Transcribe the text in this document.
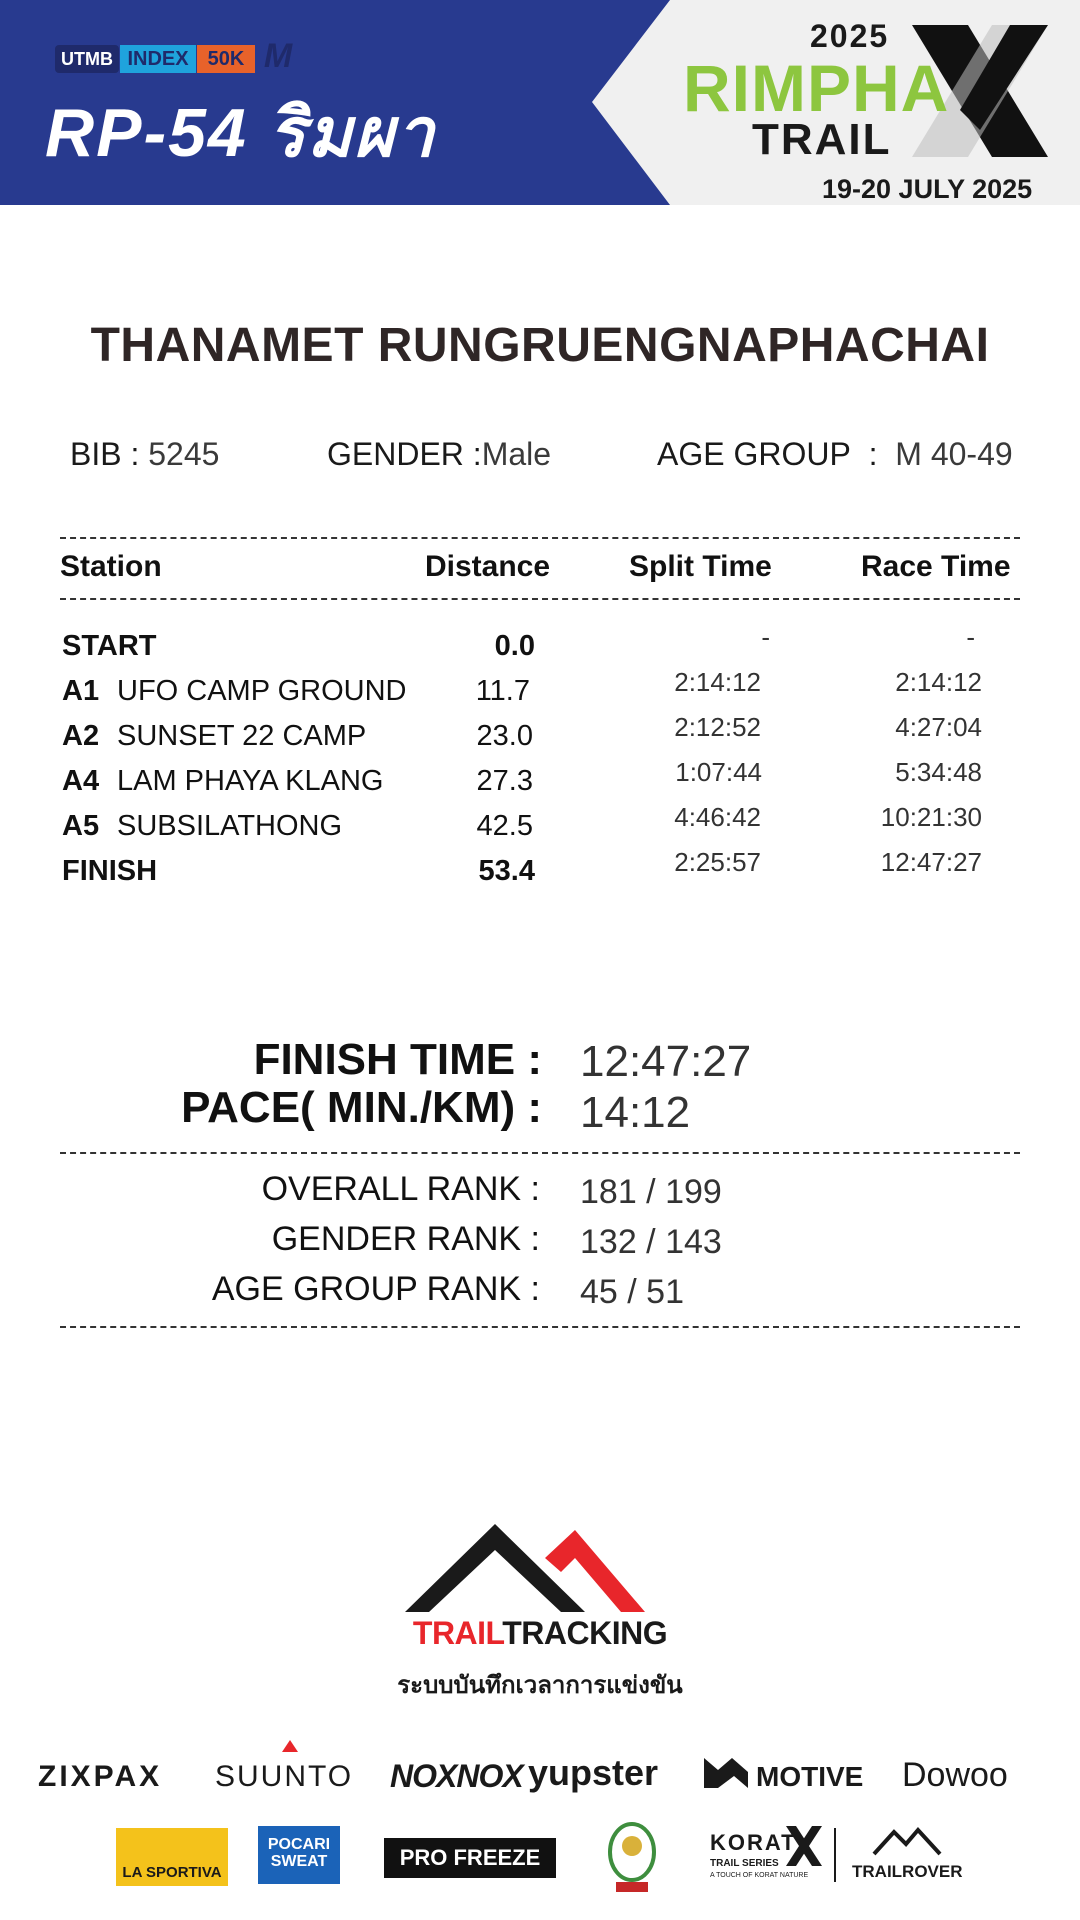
UTMB INDEX 50K M
RP-54 ริมผา
2025
RIMPHA
TRAIL
19-20 JULY 2025
THANAMET RUNGRUENGNAPHACHAI
BIB : 5245	GENDER :Male	AGE GROUP : M 40-49
Station	Distance	Split Time	Race Time
START	0.0	-	-
A1 UFO CAMP GROUND	11.7	2:14:12	2:14:12
A2 SUNSET 22 CAMP	23.0	2:12:52	4:27:04
A4 LAM PHAYA KLANG	27.3	1:07:44	5:34:48
A5 SUBSILATHONG	42.5	4:46:42	10:21:30
FINISH	53.4	2:25:57	12:47:27
FINISH TIME : 12:47:27
PACE( MIN./KM) : 14:12
OVERALL RANK : 181 / 199
GENDER RANK : 132 / 143
AGE GROUP RANK : 45 / 51
TRAILTRACKING
ระบบบันทึกเวลาการแข่งขัน
ZIXPAX SUUNTO NOXNOX yupster	MOTIVE Dowoo
LA SPORTIVA
POCARI SWEAT	PRO FREEZE
KORAT
TRAIL SERIES
A TOUCH OF KORAT NATURE	TRAILROVER
